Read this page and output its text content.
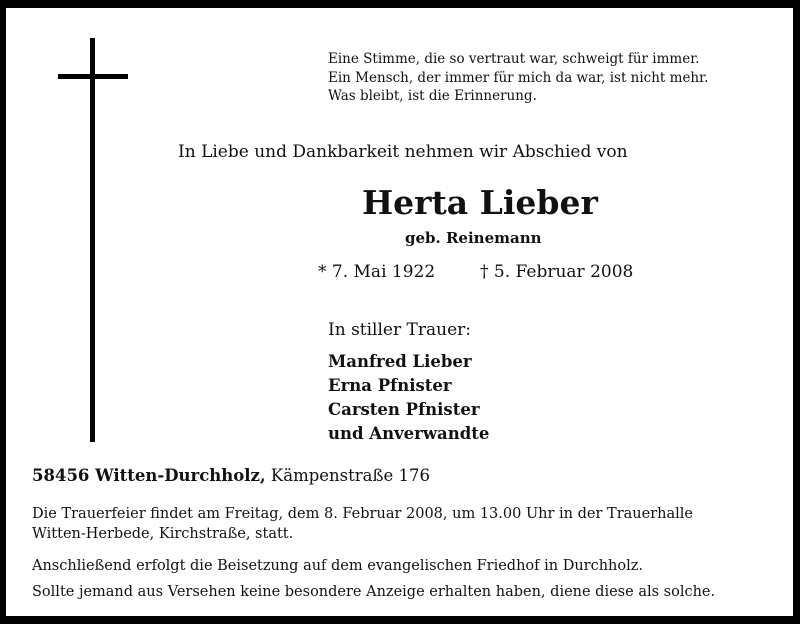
Eine Stimme, die so vertraut war, schweigt für immer.
Ein Mensch, der immer für mich da war, ist nicht mehr.
Was bleibt, ist die Erinnerung.
In Liebe und Dankbarkeit nehmen wir Abschied von
Herta Lieber
geb. Reinemann
* 7. Mai 1922	† 5. Februar 2008
In stiller Trauer:
Manfred Lieber
Erna Pfnister
Carsten Pfnister
und Anverwandte
58456 Witten-Durchholz, Kämpenstraße 176
Die Trauerfeier findet am Freitag, dem 8. Februar 2008, um 13.00 Uhr in der Trauerhalle
Witten-Herbede, Kirchstraße, statt.
Anschließend erfolgt die Beisetzung auf dem evangelischen Friedhof in Durchholz.
Sollte jemand aus Versehen keine besondere Anzeige erhalten haben, diene diese als solche.
